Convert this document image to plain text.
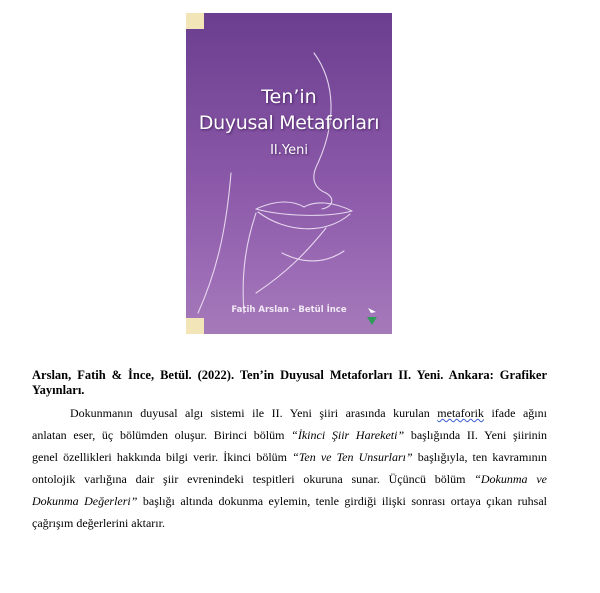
Ten’in
Duyusal Metaforları
II.Yeni
Fatih Arslan - Betül İnce
Arslan, Fatih & İnce, Betül. (2022). Ten’in Duyusal Metaforları II. Yeni. Ankara: Grafiker Yayınları.
Dokunmanın duyusal algı sistemi ile II. Yeni şiiri arasında kurulan metaforik ifade ağını
anlatan eser, üç bölümden oluşur. Birinci bölüm “İkinci Şiir Hareketi” başlığında II. Yeni şiirinin
genel özellikleri hakkında bilgi verir. İkinci bölüm “Ten ve Ten Unsurları” başlığıyla, ten kavramının
ontolojik varlığına dair şiir evrenindeki tespitleri okuruna sunar. Üçüncü bölüm “Dokunma ve
Dokunma Değerleri” başlığı altında dokunma eylemin, tenle girdiği ilişki sonrası ortaya çıkan ruhsal
çağrışım değerlerini aktarır.
